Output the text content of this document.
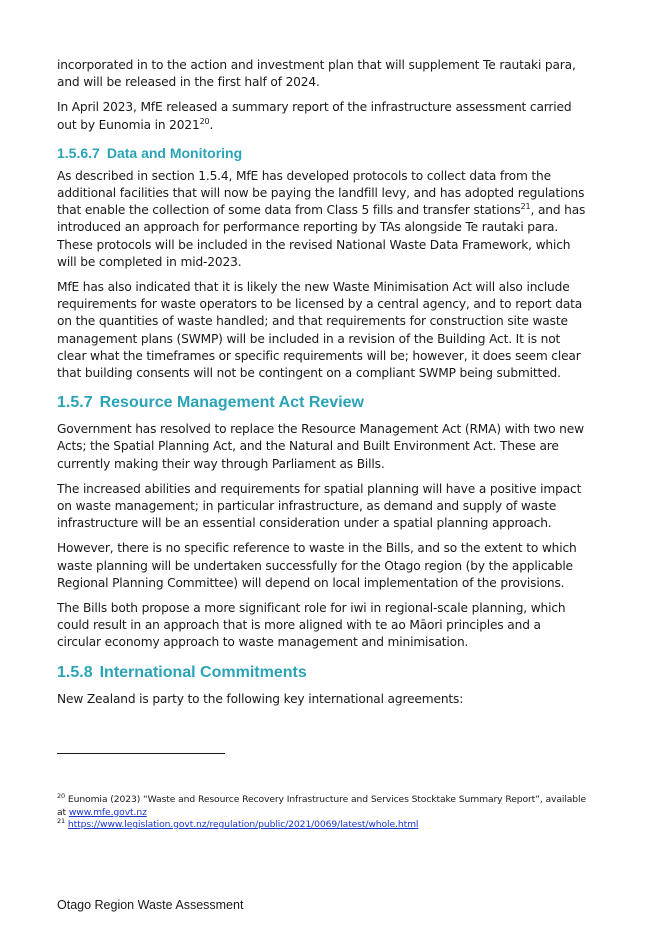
incorporated in to the action and investment plan that will supplement Te rautaki para, and will be released in the first half of 2024.

In April 2023, MfE released a summary report of the infrastructure assessment carried out by Eunomia in 2021$^{20}$.

1.5.6.7 Data and Monitoring

As described in section 1.5.4, MfE has developed protocols to collect data from the additional facilities that will now be paying the landfill levy, and has adopted regulations that enable the collection of some data from Class 5 fills and transfer stations$^{21}$, and has introduced an approach for performance reporting by TAs alongside Te rautaki para. These protocols will be included in the revised National Waste Data Framework, which will be completed in mid-2023.

MfE has also indicated that it is likely the new Waste Minimisation Act will also include requirements for waste operators to be licensed by a central agency, and to report data on the quantities of waste handled; and that requirements for construction site waste management plans (SWMP) will be included in a revision of the Building Act. It is not clear what the timeframes or specific requirements will be; however, it does seem clear that building consents will not be contingent on a compliant SWMP being submitted.

1.5.7 Resource Management Act Review

Government has resolved to replace the Resource Management Act (RMA) with two new Acts; the Spatial Planning Act, and the Natural and Built Environment Act. These are currently making their way through Parliament as Bills.

The increased abilities and requirements for spatial planning will have a positive impact on waste management; in particular infrastructure, as demand and supply of waste infrastructure will be an essential consideration under a spatial planning approach.

However, there is no specific reference to waste in the Bills, and so the extent to which waste planning will be undertaken successfully for the Otago region (by the applicable Regional Planning Committee) will depend on local implementation of the provisions.

The Bills both propose a more significant role for iwi in regional-scale planning, which could result in an approach that is more aligned with te ao Māori principles and a circular economy approach to waste management and minimisation.

1.5.8 International Commitments

New Zealand is party to the following key international agreements:

$^{20}$ Eunomia (2023) “Waste and Resource Recovery Infrastructure and Services Stocktake Summary Report”, available at www.mfe.govt.nz
$^{21}$ https://www.legislation.govt.nz/regulation/public/2021/0069/latest/whole.html
Otago Region Waste Assessment
